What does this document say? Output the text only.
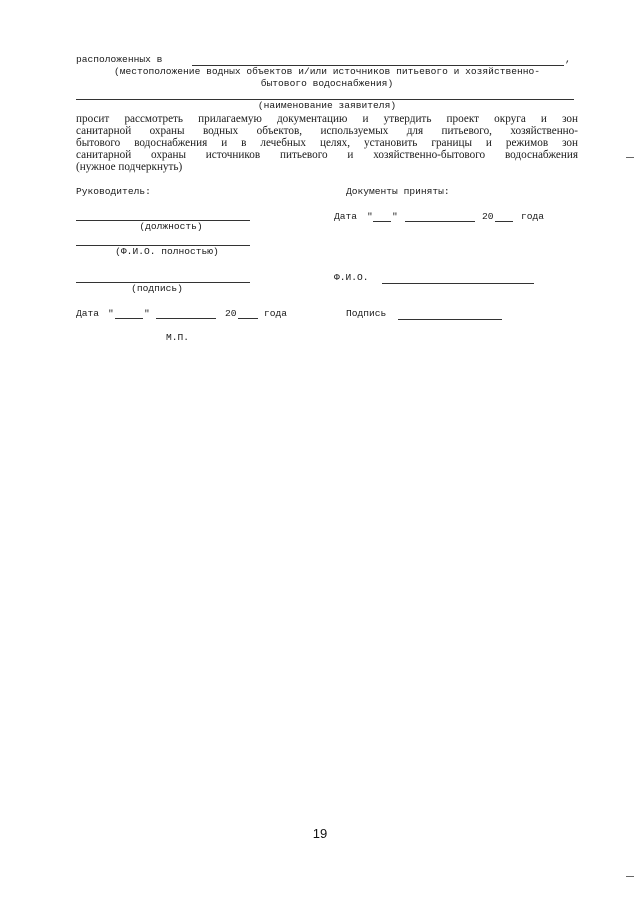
расположенных в	,
(местоположение водных объектов и/или источников питьевого и хозяйственно-
бытового водоснабжения)
(наименование заявителя)
просит рассмотреть прилагаемую документацию и утвердить проект округа и зон
санитарной охраны водных объектов, используемых для питьевого, хозяйственно-
бытового водоснабжения и в лечебных целях, установить границы и режимов зон
санитарной охраны источников питьевого и хозяйственно-бытового водоснабжения
(нужное подчеркнуть)
Руководитель:
(должность)
(Ф.И.О. полностью)
(подпись)
Дата "	"	20	года
М.П.
Документы приняты:
Дата " "	20	года
Ф.И.О.
Подпись
19
